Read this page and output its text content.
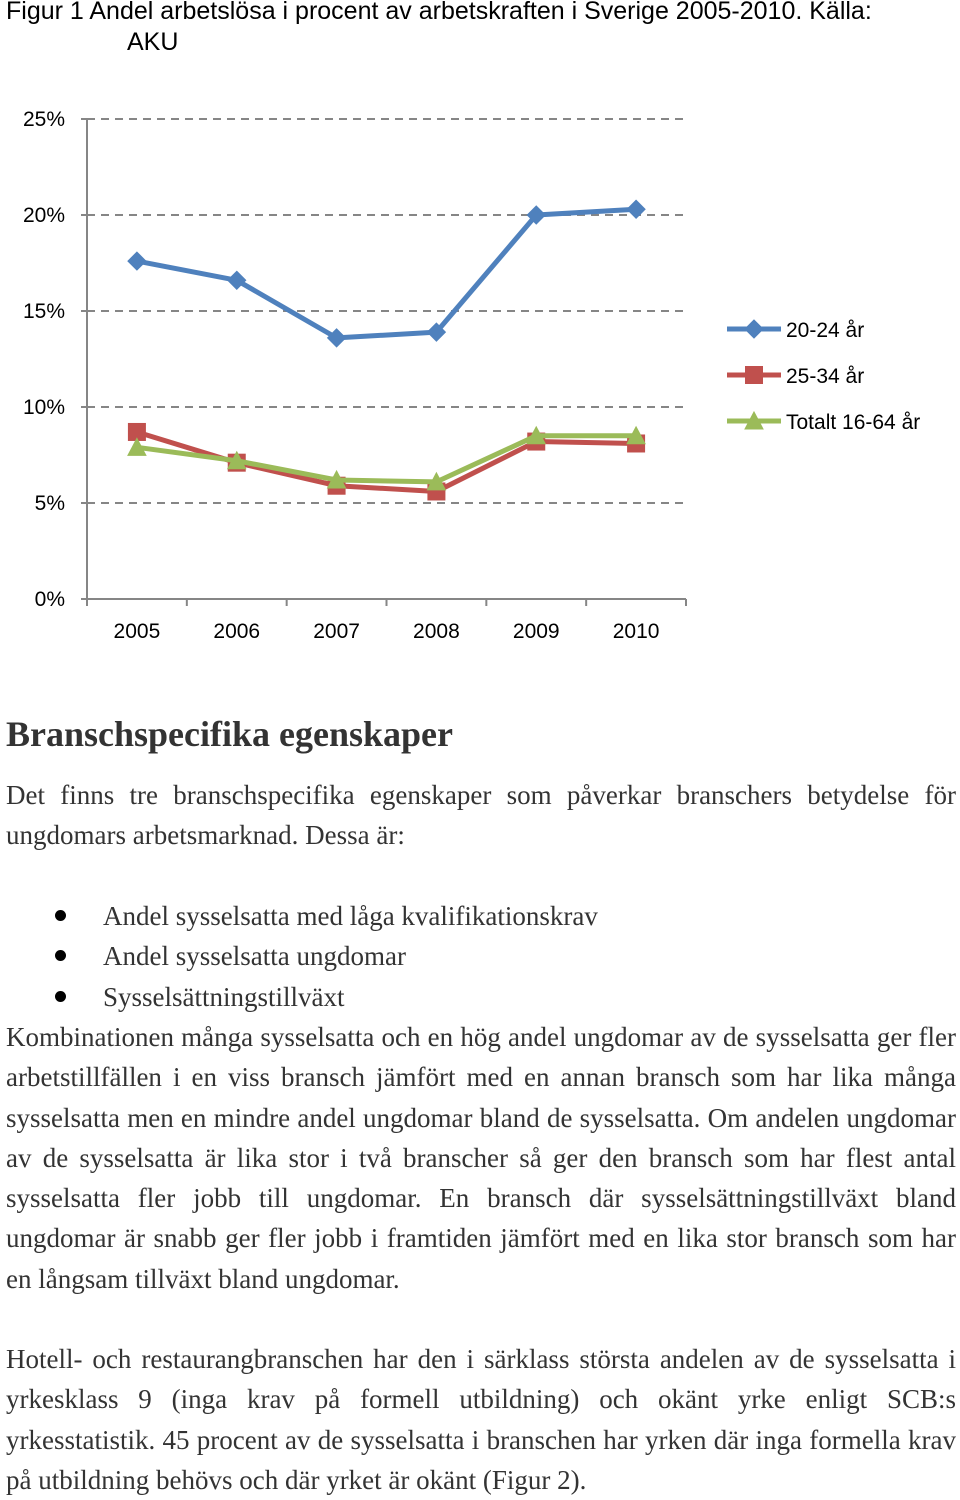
Figur 1 Andel arbetslösa i procent av arbetskraften i Sverige 2005-2010. Källa:
AKU
0%
5%
10%
15%
20%
25%
2005	2006	2007	2008	2009	2010
20-24 år
25-34 år
Totalt 16-64 år
Branschspecifika egenskaper

Det finns tre branschspecifika egenskaper som påverkar branschers betydelse för ungdomars arbetsmarknad. Dessa är:

Andel sysselsatta med låga kvalifikationskrav
Andel sysselsatta ungdomar
Sysselsättningstillväxt

Kombinationen många sysselsatta och en hög andel ungdomar av de sysselsatta ger fler arbetstillfällen i en viss bransch jämfört med en annan bransch som har lika många sysselsatta men en mindre andel ungdomar bland de sysselsatta. Om andelen ungdomar av de sysselsatta är lika stor i två branscher så ger den bransch som har flest antal sysselsatta fler jobb till ungdomar. En bransch där sysselsättningstillväxt bland ungdomar är snabb ger fler jobb i framtiden jämfört med en lika stor bransch som har en långsam tillväxt bland ungdomar.

Hotell- och restaurangbranschen har den i särklass största andelen av de sysselsatta i yrkesklass 9 (inga krav på formell utbildning) och okänt yrke enligt SCB:s yrkesstatistik. 45 procent av de sysselsatta i branschen har yrken där inga formella krav på utbildning behövs och där yrket är okänt (Figur 2).
